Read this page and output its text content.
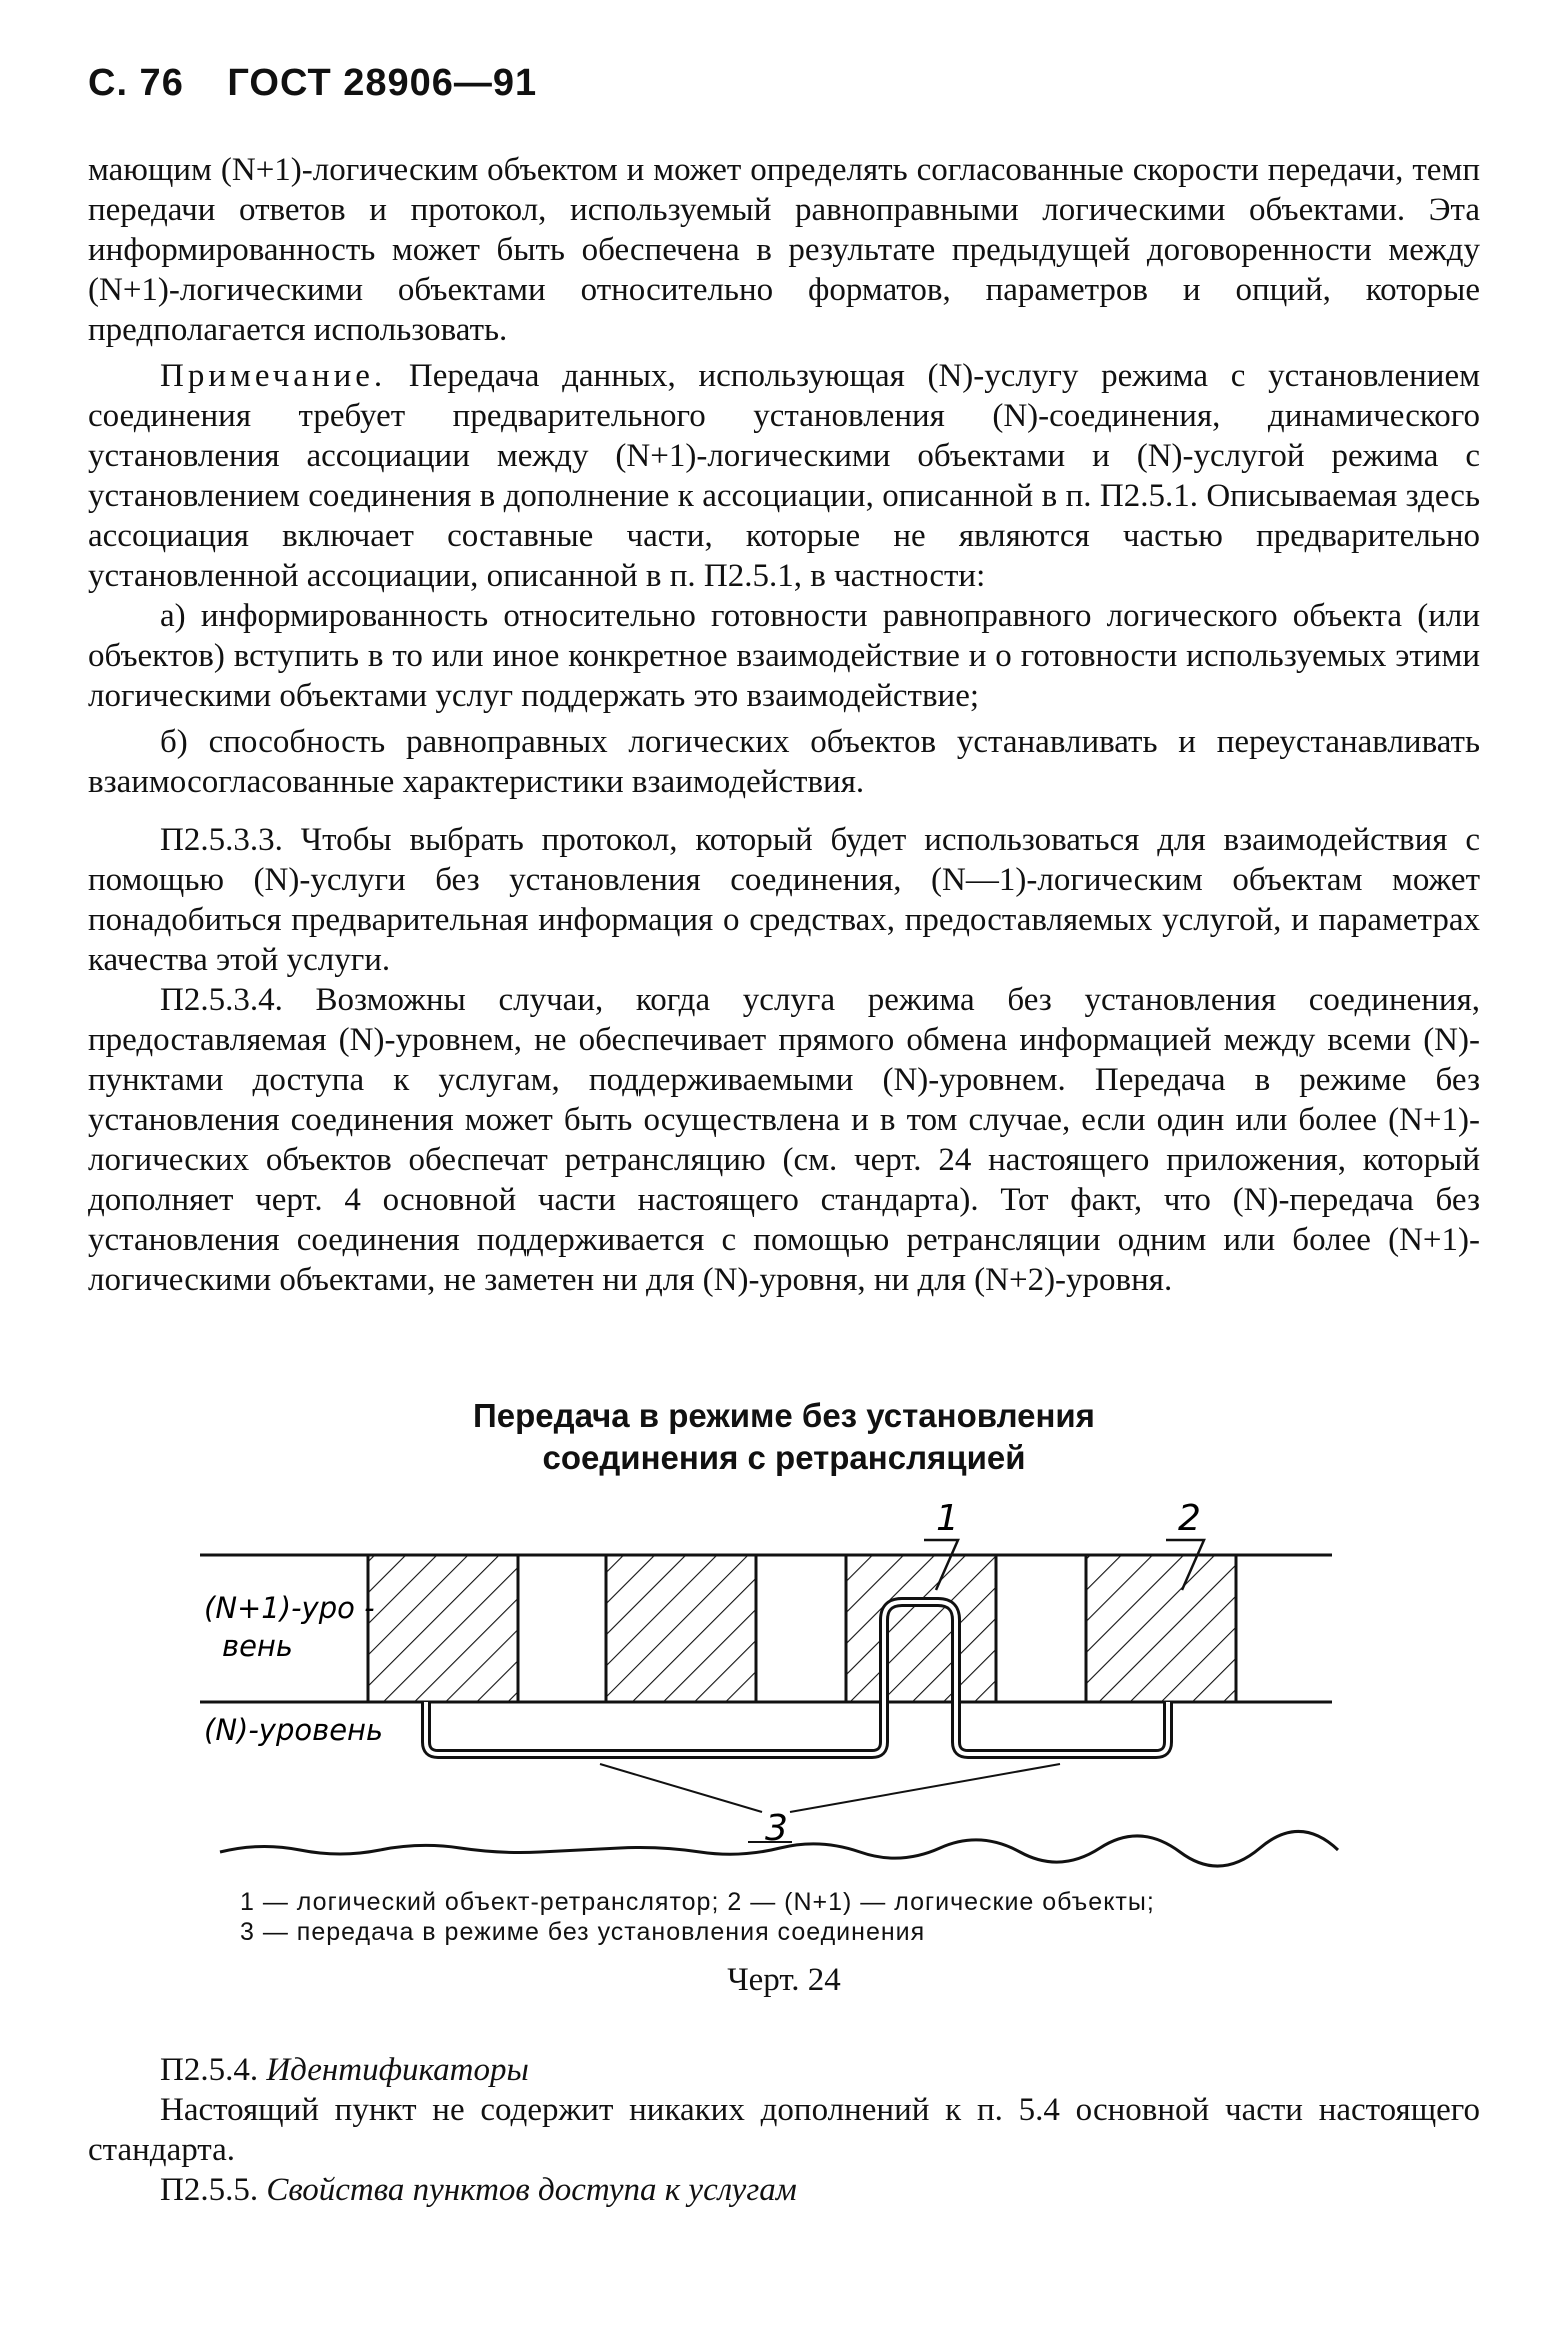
С. 76 ГОСТ 28906—91

мающим (N+1)-логическим объектом и может определять согласованные скорости передачи, темп передачи ответов и протокол, используемый равноправными логическими объектами. Эта информированность может быть обеспечена в результате предыдущей договоренности между (N+1)-логическими объектами относительно форматов, параметров и опций, которые предполагается использовать.

Примечание. Передача данных, использующая (N)-услугу режима с установлением соединения требует предварительного установления (N)-соединения, динамического установления ассоциации между (N+1)-логическими объектами и (N)-услугой режима с установлением соединения в дополнение к ассоциации, описанной в п. П2.5.1. Описываемая здесь ассоциация включает составные части, которые не являются частью предварительно установленной ассоциации, описанной в п. П2.5.1, в частности:

а) информированность относительно готовности равноправного логического объекта (или объектов) вступить в то или иное конкретное взаимодействие и о готовности используемых этими логическими объектами услуг поддержать это взаимодействие;

б) способность равноправных логических объектов устанавливать и переустанавливать взаимосогласованные характеристики взаимодействия.

П2.5.3.3. Чтобы выбрать протокол, который будет использоваться для взаимодействия с помощью (N)-услуги без установления соединения, (N—1)-логическим объектам может понадобиться предварительная информация о средствах, предоставляемых услугой, и параметрах качества этой услуги.

П2.5.3.4. Возможны случаи, когда услуга режима без установления соединения, предоставляемая (N)-уровнем, не обеспечивает прямого обмена информацией между всеми (N)-пунктами доступа к услугам, поддерживаемыми (N)-уровнем. Передача в режиме без установления соединения может быть осуществлена и в том случае, если один или более (N+1)-логических объектов обеспечат ретрансляцию (см. черт. 24 настоящего приложения, который дополняет черт. 4 основной части настоящего стандарта). Тот факт, что (N)-передача без установления соединения поддерживается с помощью ретрансляции одним или более (N+1)-логическими объектами, не заметен ни для (N)-уровня, ни для (N+2)-уровня.

Передача в режиме без установления
соединения с ретрансляцией
3
1	2
(N+1)-уро -
вень
(N)-уровень
1 — логический объект-ретранслятор; 2 — (N+1) — логические объекты;
3 — передача в режиме без установления соединения
Черт. 24

П2.5.4. Идентификаторы

Настоящий пункт не содержит никаких дополнений к п. 5.4 основной части настоящего стандарта.

П2.5.5. Свойства пунктов доступа к услугам
